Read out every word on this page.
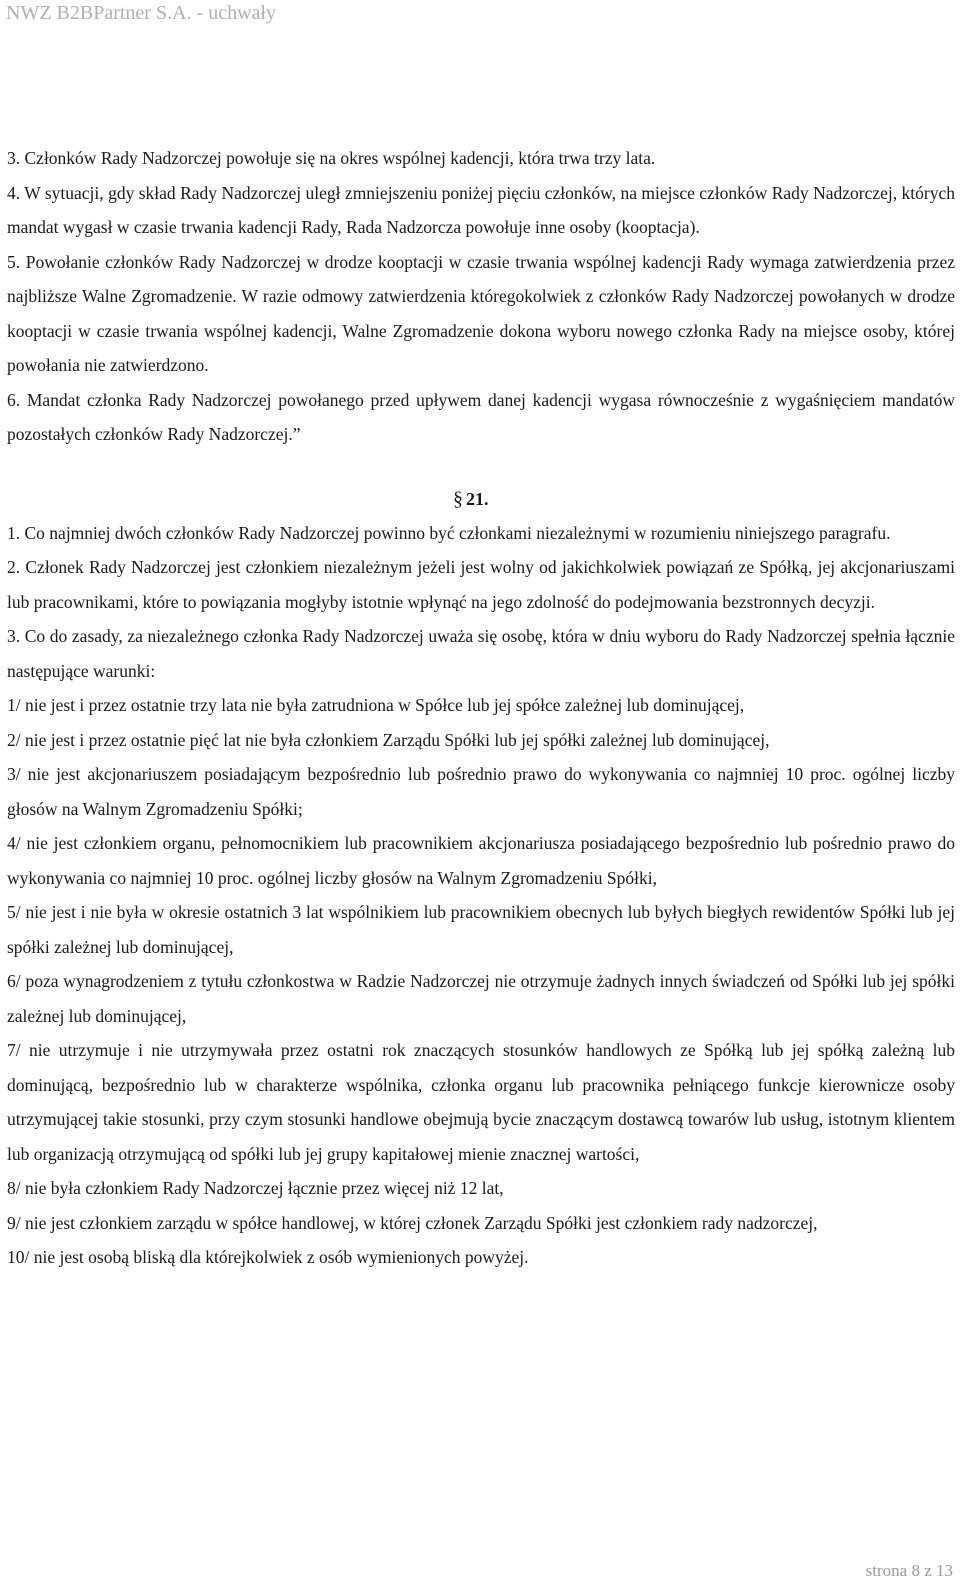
NWZ B2BPartner S.A. - uchwały

3. Członków Rady Nadzorczej powołuje się na okres wspólnej kadencji, która trwa trzy lata.

4. W sytuacji, gdy skład Rady Nadzorczej uległ zmniejszeniu poniżej pięciu członków, na miejsce członków Rady Nadzorczej, których mandat wygasł w czasie trwania kadencji Rady, Rada Nadzorcza powołuje inne osoby (kooptacja).

5. Powołanie członków Rady Nadzorczej w drodze kooptacji w czasie trwania wspólnej kadencji Rady wymaga zatwierdzenia przez najbliższe Walne Zgromadzenie. W razie odmowy zatwierdzenia któregokolwiek z członków Rady Nadzorczej powołanych w drodze kooptacji w czasie trwania wspólnej kadencji, Walne Zgromadzenie dokona wyboru nowego członka Rady na miejsce osoby, której powołania nie zatwierdzono.

6. Mandat członka Rady Nadzorczej powołanego przed upływem danej kadencji wygasa równocześnie z wygaśnięciem mandatów pozostałych członków Rady Nadzorczej.”

§ 21.

1. Co najmniej dwóch członków Rady Nadzorczej powinno być członkami niezależnymi w rozumieniu niniejszego paragrafu.

2. Członek Rady Nadzorczej jest członkiem niezależnym jeżeli jest wolny od jakichkolwiek powiązań ze Spółką, jej akcjonariuszami lub pracownikami, które to powiązania mogłyby istotnie wpłynąć na jego zdolność do podejmowania bezstronnych decyzji.

3. Co do zasady, za niezależnego członka Rady Nadzorczej uważa się osobę, która w dniu wyboru do Rady Nadzorczej spełnia łącznie następujące warunki:

1/ nie jest i przez ostatnie trzy lata nie była zatrudniona w Spółce lub jej spółce zależnej lub dominującej,

2/ nie jest i przez ostatnie pięć lat nie była członkiem Zarządu Spółki lub jej spółki zależnej lub dominującej,

3/ nie jest akcjonariuszem posiadającym bezpośrednio lub pośrednio prawo do wykonywania co najmniej 10 proc. ogólnej liczby głosów na Walnym Zgromadzeniu Spółki;

4/ nie jest członkiem organu, pełnomocnikiem lub pracownikiem akcjonariusza posiadającego bezpośrednio lub pośrednio prawo do wykonywania co najmniej 10 proc. ogólnej liczby głosów na Walnym Zgromadzeniu Spółki,

5/ nie jest i nie była w okresie ostatnich 3 lat wspólnikiem lub pracownikiem obecnych lub byłych biegłych rewidentów Spółki lub jej spółki zależnej lub dominującej,

6/ poza wynagrodzeniem z tytułu członkostwa w Radzie Nadzorczej nie otrzymuje żadnych innych świadczeń od Spółki lub jej spółki zależnej lub dominującej,

7/ nie utrzymuje i nie utrzymywała przez ostatni rok znaczących stosunków handlowych ze Spółką lub jej spółką zależną lub dominującą, bezpośrednio lub w charakterze wspólnika, członka organu lub pracownika pełniącego funkcje kierownicze osoby utrzymującej takie stosunki, przy czym stosunki handlowe obejmują bycie znaczącym dostawcą towarów lub usług, istotnym klientem lub organizacją otrzymującą od spółki lub jej grupy kapitałowej mienie znacznej wartości,

8/ nie była członkiem Rady Nadzorczej łącznie przez więcej niż 12 lat,

9/ nie jest członkiem zarządu w spółce handlowej, w której członek Zarządu Spółki jest członkiem rady nadzorczej,

10/ nie jest osobą bliską dla którejkolwiek z osób wymienionych powyżej.

strona 8 z 13
